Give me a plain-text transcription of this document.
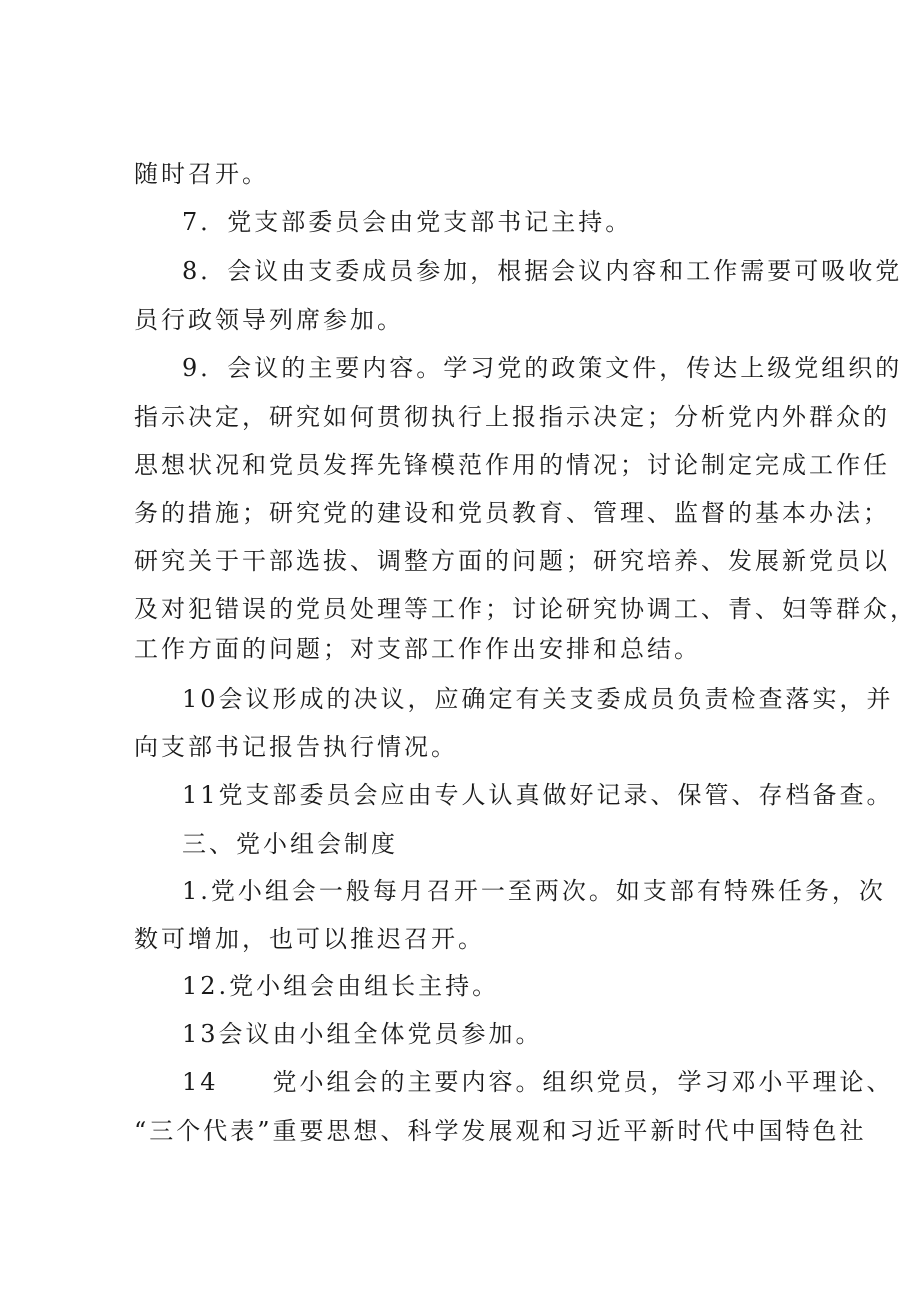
随时召开。
7．党支部委员会由党支部书记主持。
8．会议由支委成员参加，根据会议内容和工作需要可吸收党
员行政领导列席参加。
9．会议的主要内容。学习党的政策文件，传达上级党组织的
指示决定，研究如何贯彻执行上报指示决定；分析党内外群众的
思想状况和党员发挥先锋模范作用的情况；讨论制定完成工作任
务的措施；研究党的建设和党员教育、管理、监督的基本办法；
研究关于干部选拔、调整方面的问题；研究培养、发展新党员以
及对犯错误的党员处理等工作；讨论研究协调工、青、妇等群众，
工作方面的问题；对支部工作作出安排和总结。
10会议形成的决议，应确定有关支委成员负责检查落实，并
向支部书记报告执行情况。
11党支部委员会应由专人认真做好记录、保管、存档备查。
三、党小组会制度
1.党小组会一般每月召开一至两次。如支部有特殊任务，次
数可增加，也可以推迟召开。
12.党小组会由组长主持。
13会议由小组全体党员参加。
14　　党小组会的主要内容。组织党员，学习邓小平理论、
“三个代表”重要思想、科学发展观和习近平新时代中国特色社
